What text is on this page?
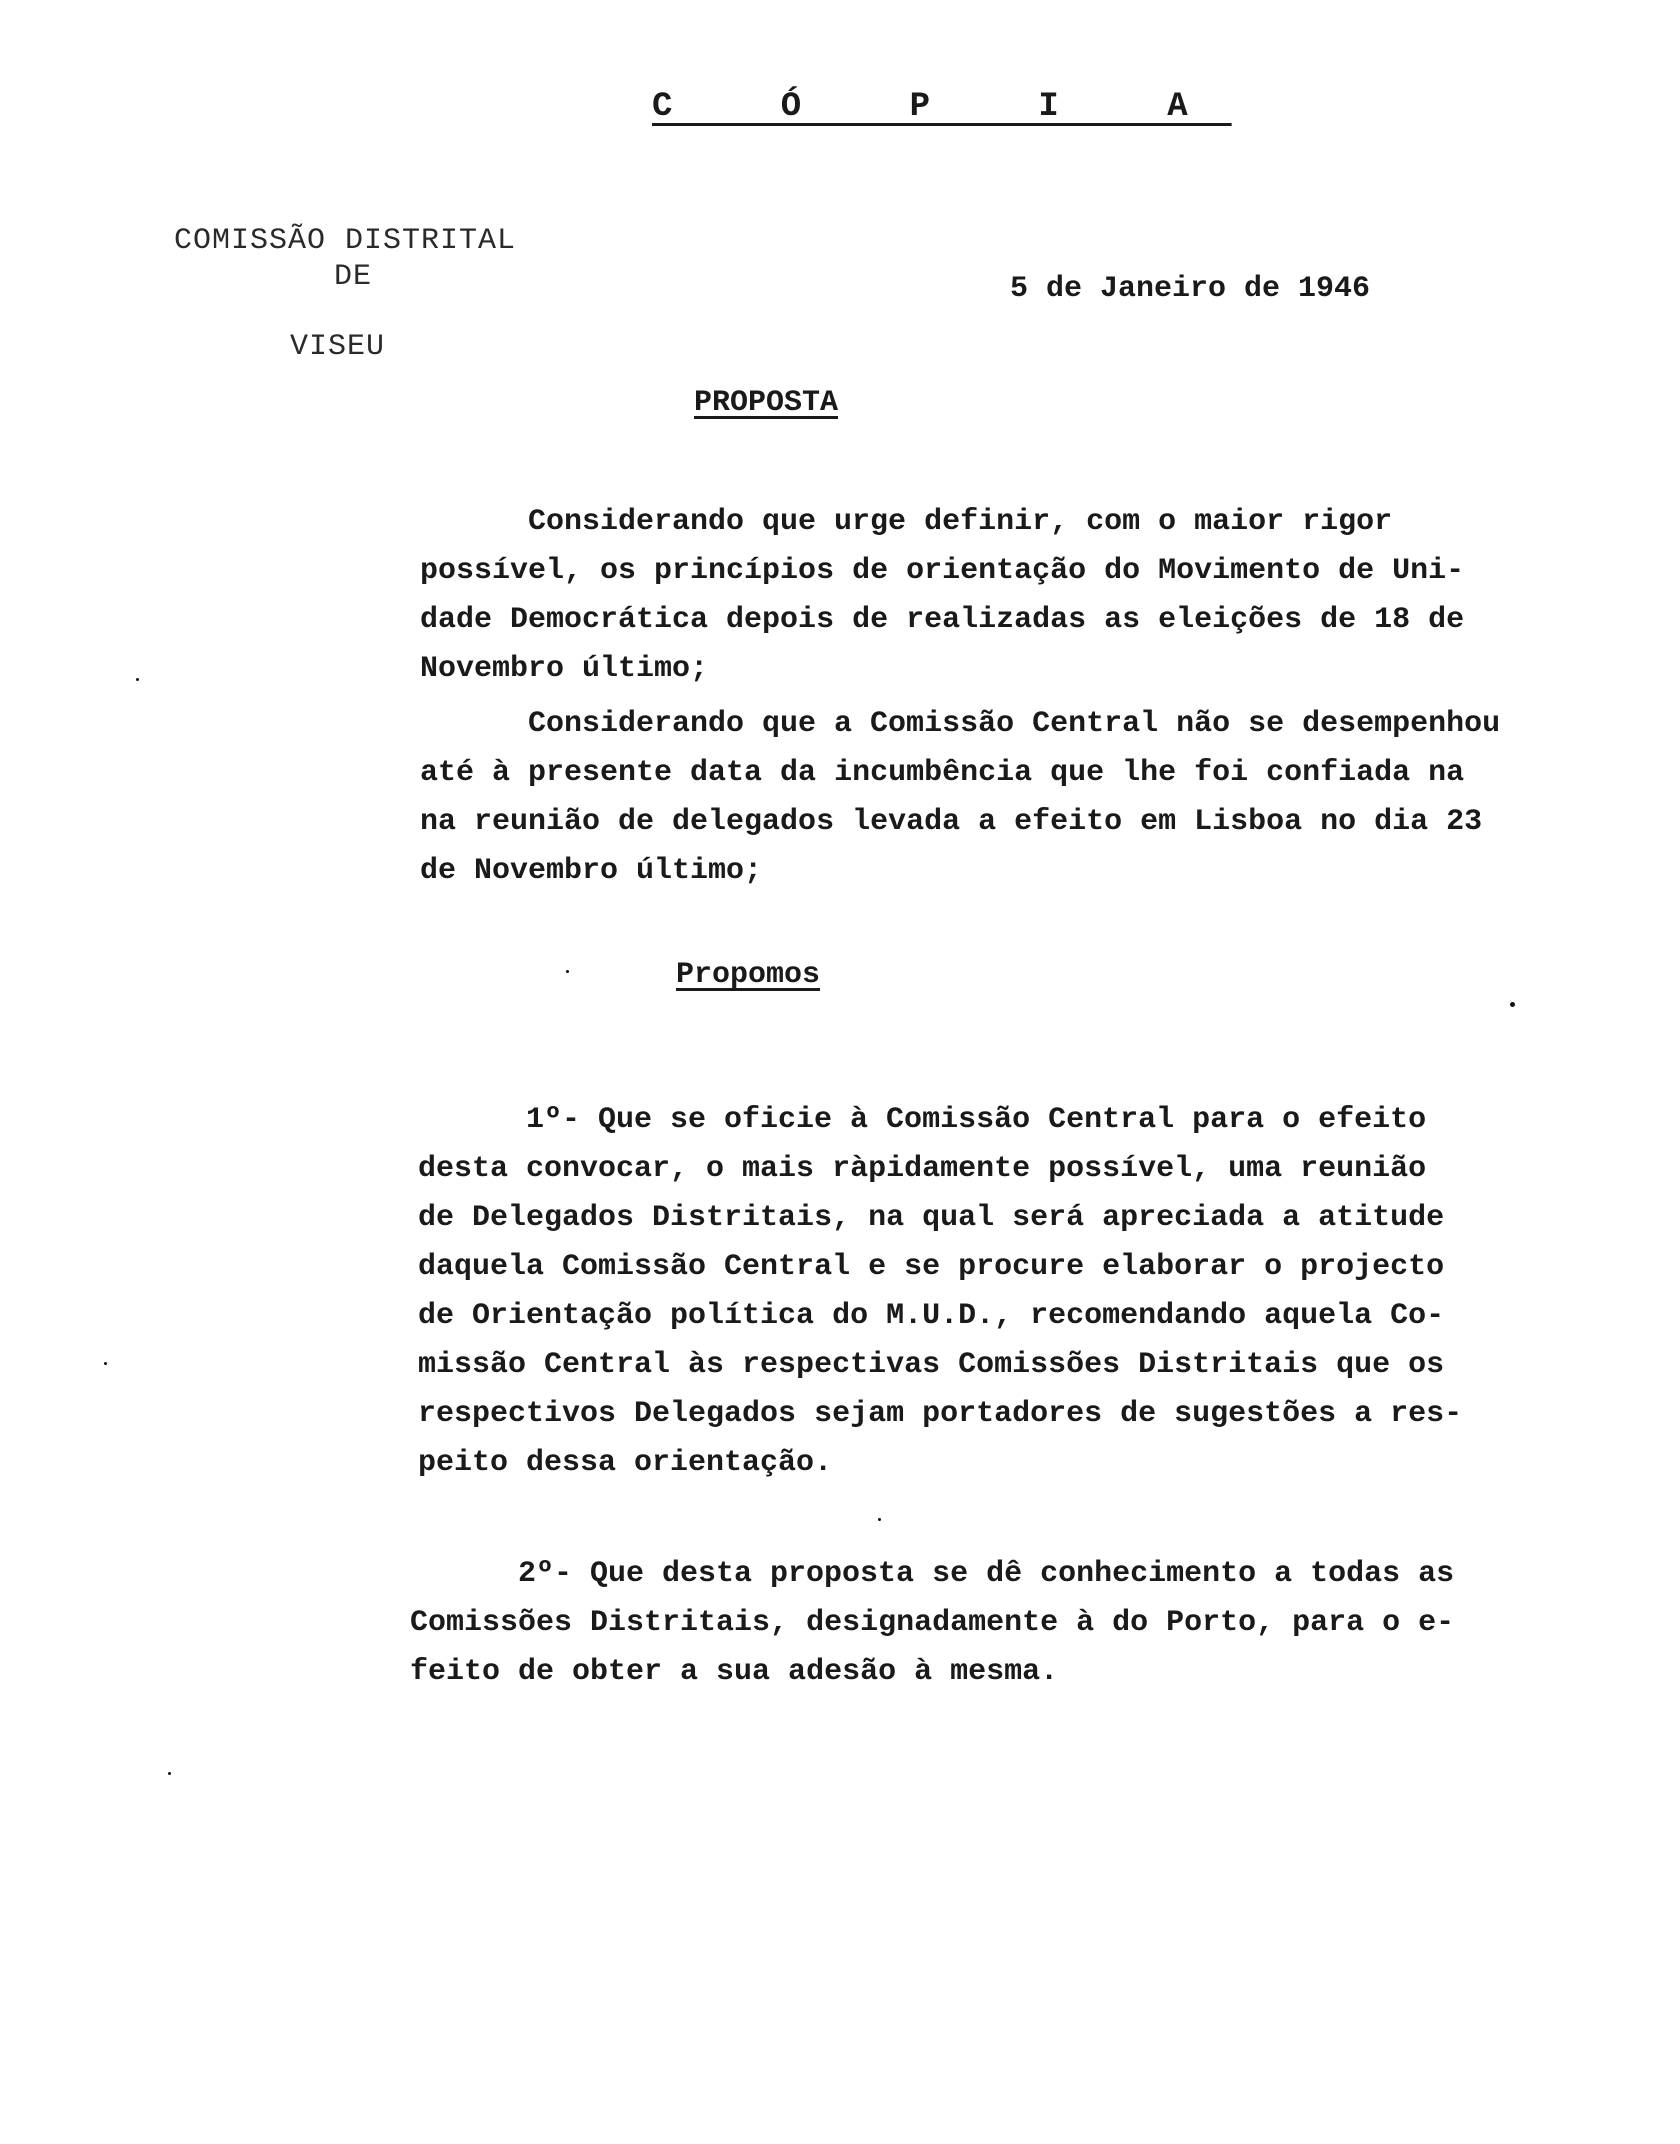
C Ó P I A
COMISSÃO DISTRITAL
DE
VISEU
5 de Janeiro de 1946
PROPOSTA
Considerando que urge definir, com o maior rigor
possível, os princípios de orientação do Movimento de Uni-
dade Democrática depois de realizadas as eleições de 18 de
Novembro último;
Considerando que a Comissão Central não se desempenhou
até à presente data da incumbência que lhe foi confiada na
na reunião de delegados levada a efeito em Lisboa no dia 23
de Novembro último;
Propomos
1º- Que se oficie à Comissão Central para o efeito
desta convocar, o mais ràpidamente possível, uma reunião
de Delegados Distritais, na qual será apreciada a atitude
daquela Comissão Central e se procure elaborar o projecto
de Orientação política do M.U.D., recomendando aquela Co-
missão Central às respectivas Comissões Distritais que os
respectivos Delegados sejam portadores de sugestões a res-
peito dessa orientação.
2º- Que desta proposta se dê conhecimento a todas as
Comissões Distritais, designadamente à do Porto, para o e-
feito de obter a sua adesão à mesma.
